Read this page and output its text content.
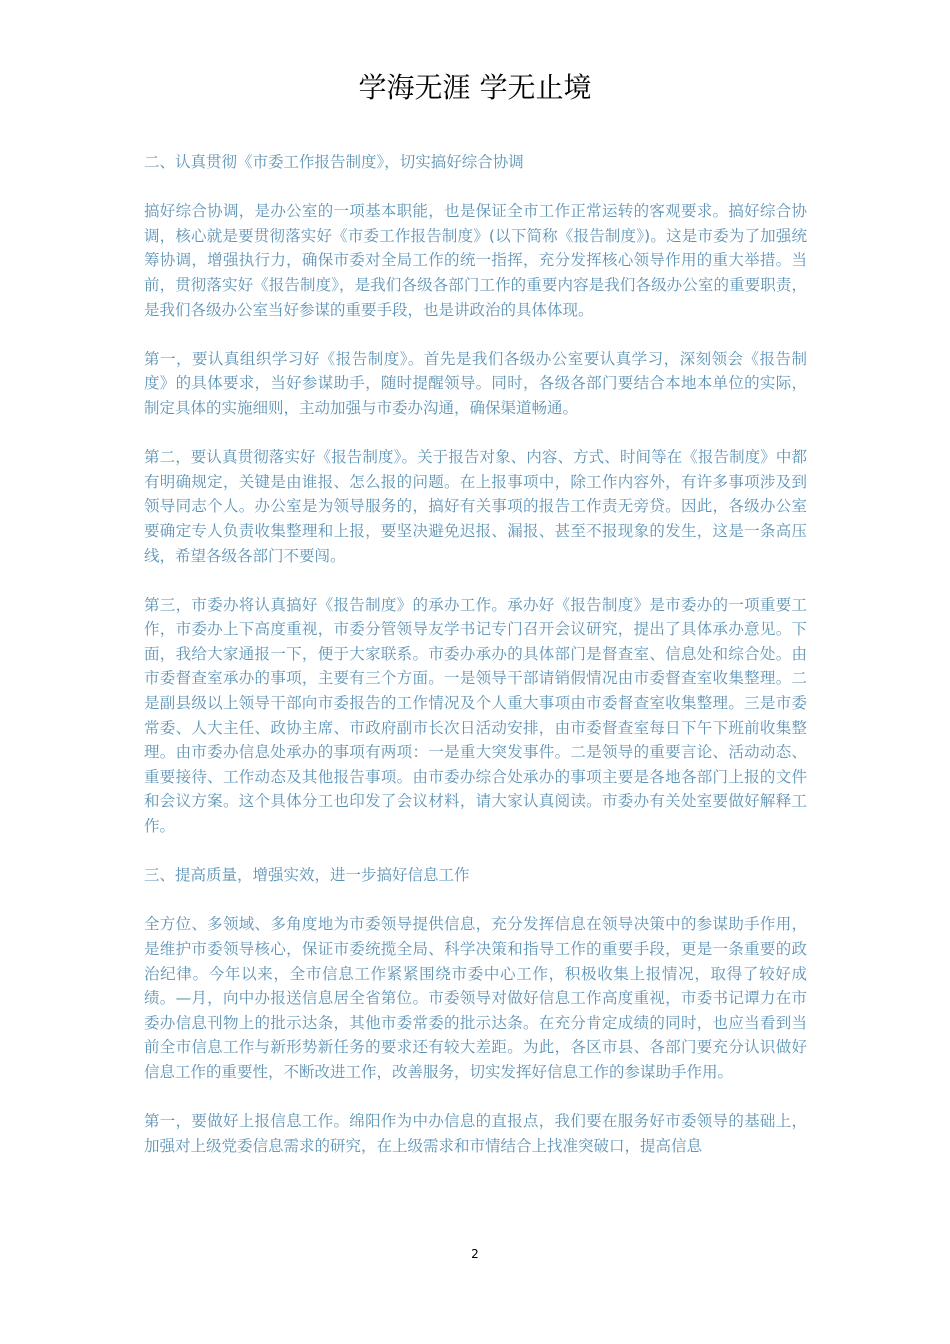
学海无涯 学无止境

二、认真贯彻《市委工作报告制度》，切实搞好综合协调

搞好综合协调，是办公室的一项基本职能，也是保证全市工作正常运转的客观要求。搞好综合协调，核心就是要贯彻落实好《市委工作报告制度》(以下简称《报告制度》)。这是市委为了加强统筹协调，增强执行力，确保市委对全局工作的统一指挥，充分发挥核心领导作用的重大举措。当前，贯彻落实好《报告制度》，是我们各级各部门工作的重要内容是我们各级办公室的重要职责，是我们各级办公室当好参谋的重要手段，也是讲政治的具体体现。

第一，要认真组织学习好《报告制度》。首先是我们各级办公室要认真学习，深刻领会《报告制度》的具体要求，当好参谋助手，随时提醒领导。同时，各级各部门要结合本地本单位的实际，制定具体的实施细则，主动加强与市委办沟通，确保渠道畅通。

第二，要认真贯彻落实好《报告制度》。关于报告对象、内容、方式、时间等在《报告制度》中都有明确规定，关键是由谁报、怎么报的问题。在上报事项中，除工作内容外，有许多事项涉及到领导同志个人。办公室是为领导服务的，搞好有关事项的报告工作责无旁贷。因此，各级办公室要确定专人负责收集整理和上报，要坚决避免迟报、漏报、甚至不报现象的发生，这是一条高压线，希望各级各部门不要闯。

第三，市委办将认真搞好《报告制度》的承办工作。承办好《报告制度》是市委办的一项重要工作，市委办上下高度重视，市委分管领导友学书记专门召开会议研究，提出了具体承办意见。下面，我给大家通报一下，便于大家联系。市委办承办的具体部门是督查室、信息处和综合处。由市委督查室承办的事项，主要有三个方面。一是领导干部请销假情况由市委督查室收集整理。二是副县级以上领导干部向市委报告的工作情况及个人重大事项由市委督查室收集整理。三是市委常委、人大主任、政协主席、市政府副市长次日活动安排，由市委督查室每日下午下班前收集整理。由市委办信息处承办的事项有两项：一是重大突发事件。二是领导的重要言论、活动动态、重要接待、工作动态及其他报告事项。由市委办综合处承办的事项主要是各地各部门上报的文件和会议方案。这个具体分工也印发了会议材料，请大家认真阅读。市委办有关处室要做好解释工作。

三、提高质量，增强实效，进一步搞好信息工作

全方位、多领域、多角度地为市委领导提供信息，充分发挥信息在领导决策中的参谋助手作用，是维护市委领导核心，保证市委统揽全局、科学决策和指导工作的重要手段，更是一条重要的政治纪律。今年以来，全市信息工作紧紧围绕市委中心工作，积极收集上报情况，取得了较好成绩。—月，向中办报送信息居全省第位。市委领导对做好信息工作高度重视，市委书记谭力在市委办信息刊物上的批示达条，其他市委常委的批示达条。在充分肯定成绩的同时，也应当看到当前全市信息工作与新形势新任务的要求还有较大差距。为此，各区市县、各部门要充分认识做好信息工作的重要性，不断改进工作，改善服务，切实发挥好信息工作的参谋助手作用。

第一，要做好上报信息工作。绵阳作为中办信息的直报点，我们要在服务好市委领导的基础上，加强对上级党委信息需求的研究，在上级需求和市情结合上找准突破口，提高信息

2
